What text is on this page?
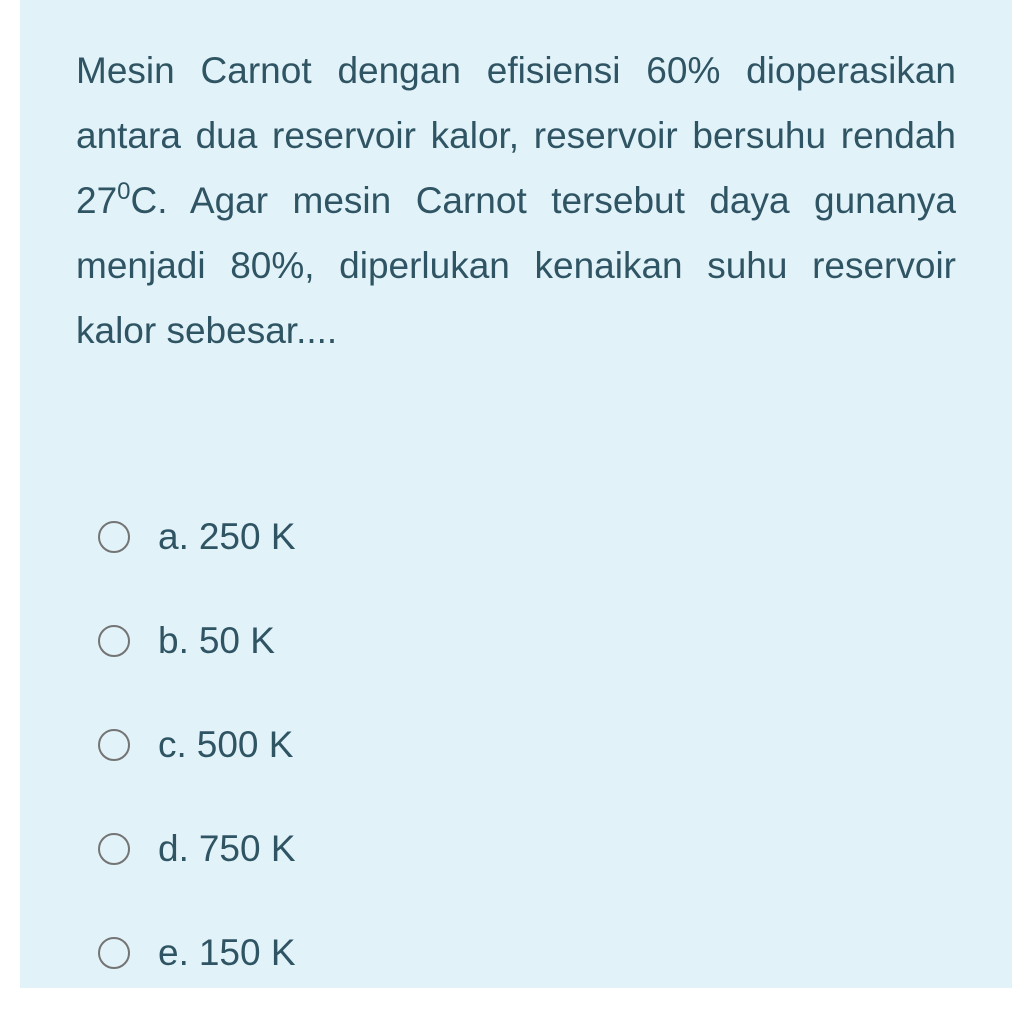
Mesin Carnot dengan efisiensi 60% dioperasikan antara dua reservoir kalor, reservoir bersuhu rendah $27^0C$. Agar mesin Carnot tersebut daya gunanya menjadi 80%, diperlukan kenaikan suhu reservoir kalor sebesar....
a. 250 K
b. 50 K
c. 500 K
d. 750 K
e. 150 K
